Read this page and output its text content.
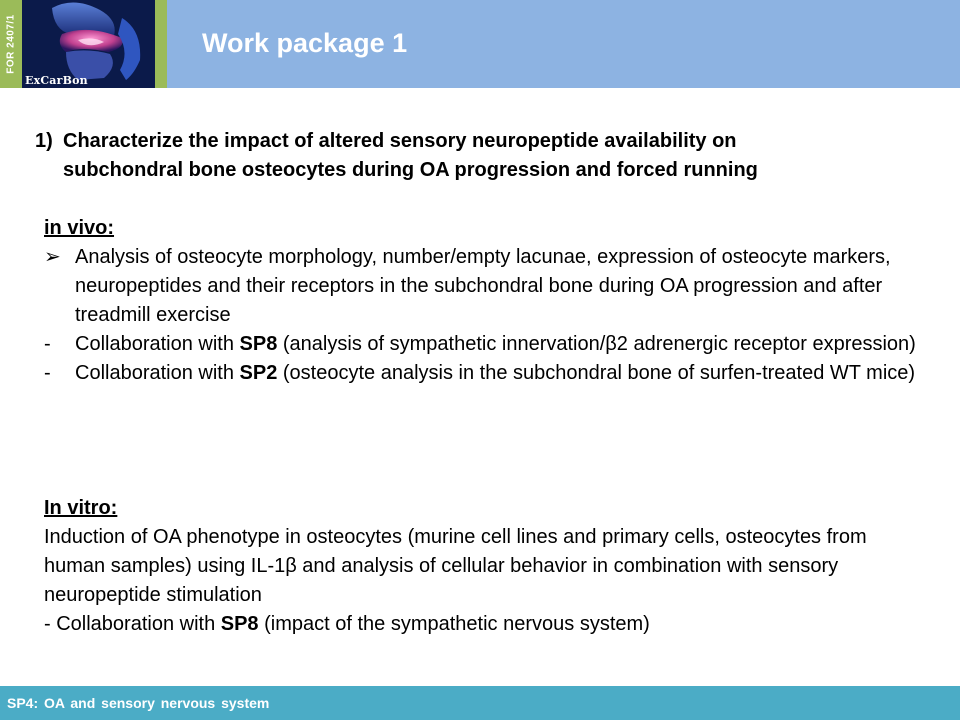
FOR 2407/1
ExCarBon
Work package 1
1) Characterize the impact of altered sensory neuropeptide availability on
subchondral bone osteocytes during OA progression and forced running
in vivo:
➢ Analysis of osteocyte morphology, number/empty lacunae, expression of osteocyte markers, neuropeptides and their receptors in the subchondral bone during OA progression and after treadmill exercise
- Collaboration with SP8 (analysis of sympathetic innervation/β2 adrenergic receptor expression)
- Collaboration with SP2 (osteocyte analysis in the subchondral bone of surfen-treated WT mice)
In vitro:
Induction of OA phenotype in osteocytes (murine cell lines and primary cells, osteocytes from human samples) using IL-1β and analysis of cellular behavior in combination with sensory neuropeptide stimulation
- Collaboration with SP8 (impact of the sympathetic nervous system)
SP4: OA and sensory nervous system
